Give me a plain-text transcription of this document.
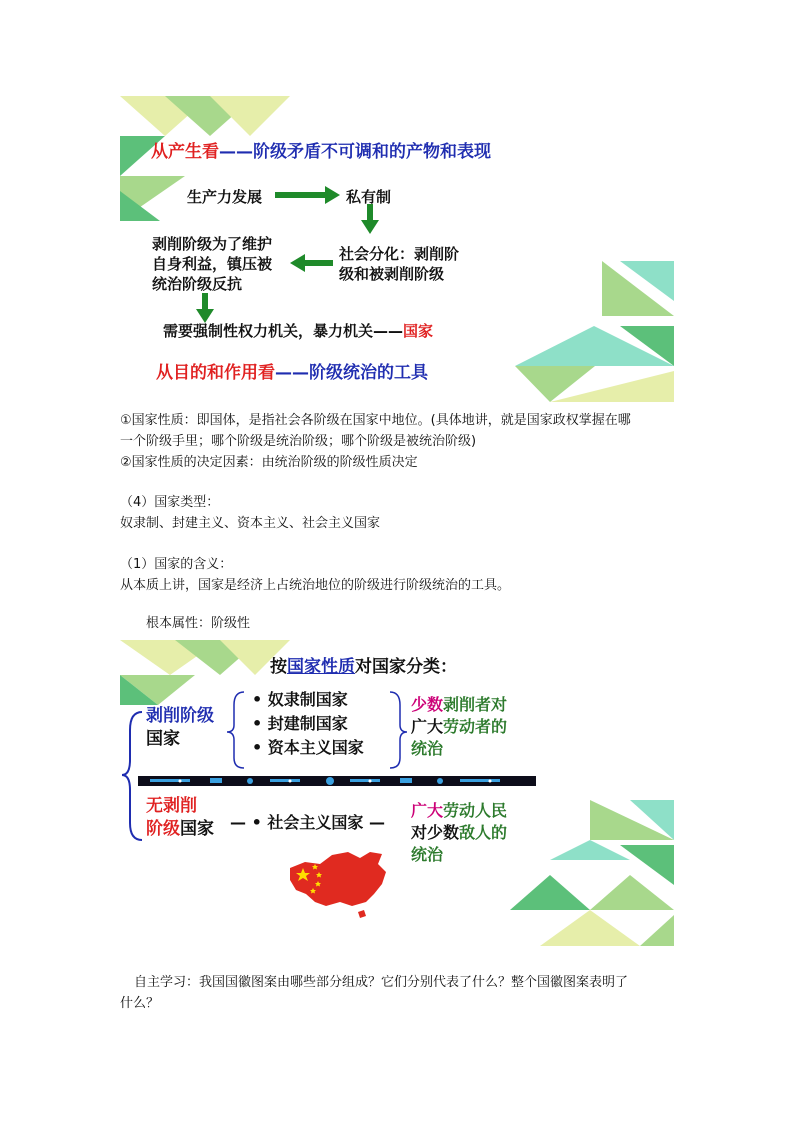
从产生看——阶级矛盾不可调和的产物和表现
生产力发展	私有制
社会分化：剥削阶
级和被剥削阶级
剥削阶级为了维护
自身利益，镇压被
统治阶级反抗
需要强制性权力机关，暴力机关——国家
从目的和作用看——阶级统治的工具
①国家性质：即国体，是指社会各阶级在国家中地位。(具体地讲，就是国家政权掌握在哪
一个阶级手里；哪个阶级是统治阶级；哪个阶级是被统治阶级)
②国家性质的决定因素：由统治阶级的阶级性质决定
（4）国家类型：
奴隶制、封建主义、资本主义、社会主义国家
（1）国家的含义：
从本质上讲，国家是经济上占统治地位的阶级进行阶级统治的工具。
根本属性：阶级性
按国家性质对国家分类：
剥削阶级
国家
• 奴隶制国家
• 封建制国家
• 资本主义国家
少数剥削者对
广大劳动者的
统治
无剥削
阶级国家 — • 社会主义国家 —
广大劳动人民
对少数敌人的
统治
自主学习：我国国徽图案由哪些部分组成？它们分别代表了什么？整个国徽图案表明了
什么？
